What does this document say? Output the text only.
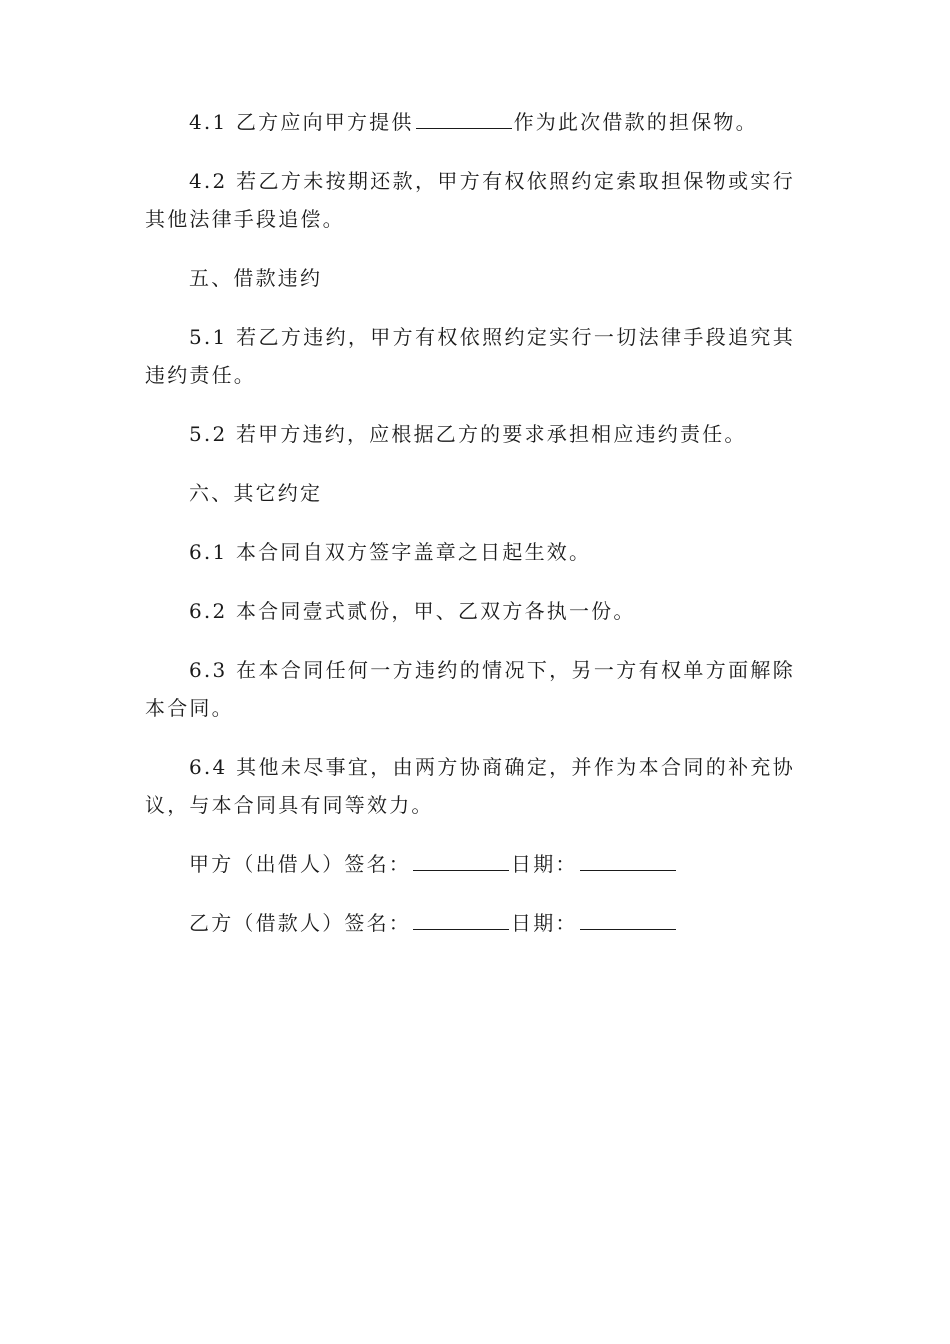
4.1 乙方应向甲方提供	作为此次借款的担保物。

4.2 若乙方未按期还款，甲方有权依照约定索取担保物或实行其他法律手段追偿。

五、借款违约

5.1 若乙方违约，甲方有权依照约定实行一切法律手段追究其违约责任。

5.2 若甲方违约，应根据乙方的要求承担相应违约责任。

六、其它约定

6.1 本合同自双方签字盖章之日起生效。

6.2 本合同壹式贰份，甲、乙双方各执一份。

6.3 在本合同任何一方违约的情况下，另一方有权单方面解除本合同。

6.4 其他未尽事宜，由两方协商确定，并作为本合同的补充协议，与本合同具有同等效力。

甲方（出借人）签名：	日期：

乙方（借款人）签名：	日期：
